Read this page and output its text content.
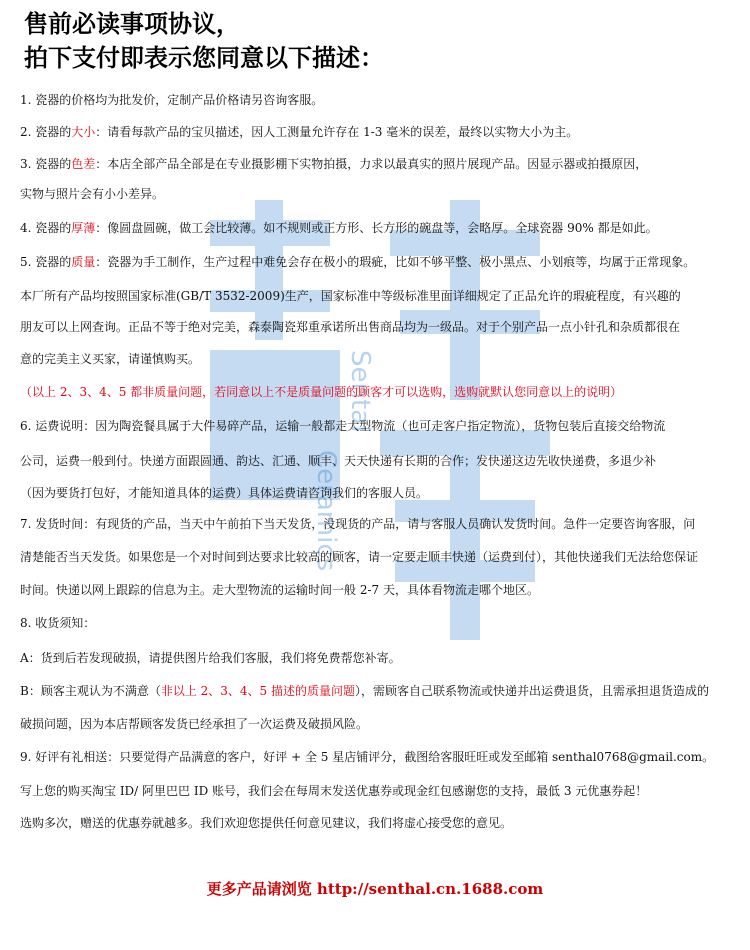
Sentai
Ceramics
售前必读事项协议，
拍下支付即表示您同意以下描述：
1. 瓷器的价格均为批发价，定制产品价格请另咨询客服。
2. 瓷器的大小：请看每款产品的宝贝描述，因人工测量允许存在 1-3 毫米的误差，最终以实物大小为主。
3. 瓷器的色差：本店全部产品全部是在专业摄影棚下实物拍摄，力求以最真实的照片展现产品。因显示器或拍摄原因，
实物与照片会有小小差异。
4. 瓷器的厚薄：像圆盘圆碗，做工会比较薄。如不规则或正方形、长方形的碗盘等，会略厚。全球瓷器 90% 都是如此。
5. 瓷器的质量：瓷器为手工制作，生产过程中难免会存在极小的瑕疵，比如不够平整、极小黑点、小划痕等，均属于正常现象。
本厂所有产品均按照国家标准(GB/T 3532-2009)生产，国家标准中等级标准里面详细规定了正品允许的瑕疵程度，有兴趣的
朋友可以上网查询。正品不等于绝对完美，森泰陶瓷郑重承诺所出售商品均为一级品。对于个别产品一点小针孔和杂质都很在
意的完美主义买家，请谨慎购买。
（以上 2、3、4、5 都非质量问题，若同意以上不是质量问题的顾客才可以选购，选购就默认您同意以上的说明）
6. 运费说明：因为陶瓷餐具属于大件易碎产品，运输一般都走大型物流（也可走客户指定物流），货物包装后直接交给物流
公司，运费一般到付。快递方面跟圆通、韵达、汇通、顺丰、天天快递有长期的合作；发快递这边先收快递费，多退少补
（因为要货打包好，才能知道具体的运费）具体运费请咨询我们的客服人员。
7. 发货时间：有现货的产品，当天中午前拍下当天发货，没现货的产品，请与客服人员确认发货时间。急件一定要咨询客服，问
清楚能否当天发货。如果您是一个对时间到达要求比较高的顾客，请一定要走顺丰快递（运费到付），其他快递我们无法给您保证
时间。快递以网上跟踪的信息为主。走大型物流的运输时间一般 2-7 天，具体看物流走哪个地区。
8. 收货须知：
A：货到后若发现破损，请提供图片给我们客服，我们将免费帮您补寄。
B：顾客主观认为不满意（非以上 2、3、4、5 描述的质量问题），需顾客自己联系物流或快递并出运费退货，且需承担退货造成的
破损问题，因为本店帮顾客发货已经承担了一次运费及破损风险。
9. 好评有礼相送：只要觉得产品满意的客户，好评 + 全 5 星店铺评分，截图给客服旺旺或发至邮箱 senthal0768@gmail.com。
写上您的购买淘宝 ID/ 阿里巴巴 ID 账号，我们会在每周末发送优惠券或现金红包感谢您的支持，最低 3 元优惠券起！
选购多次，赠送的优惠券就越多。我们欢迎您提供任何意见建议，我们将虚心接受您的意见。
更多产品请浏览 http://senthal.cn.1688.com
